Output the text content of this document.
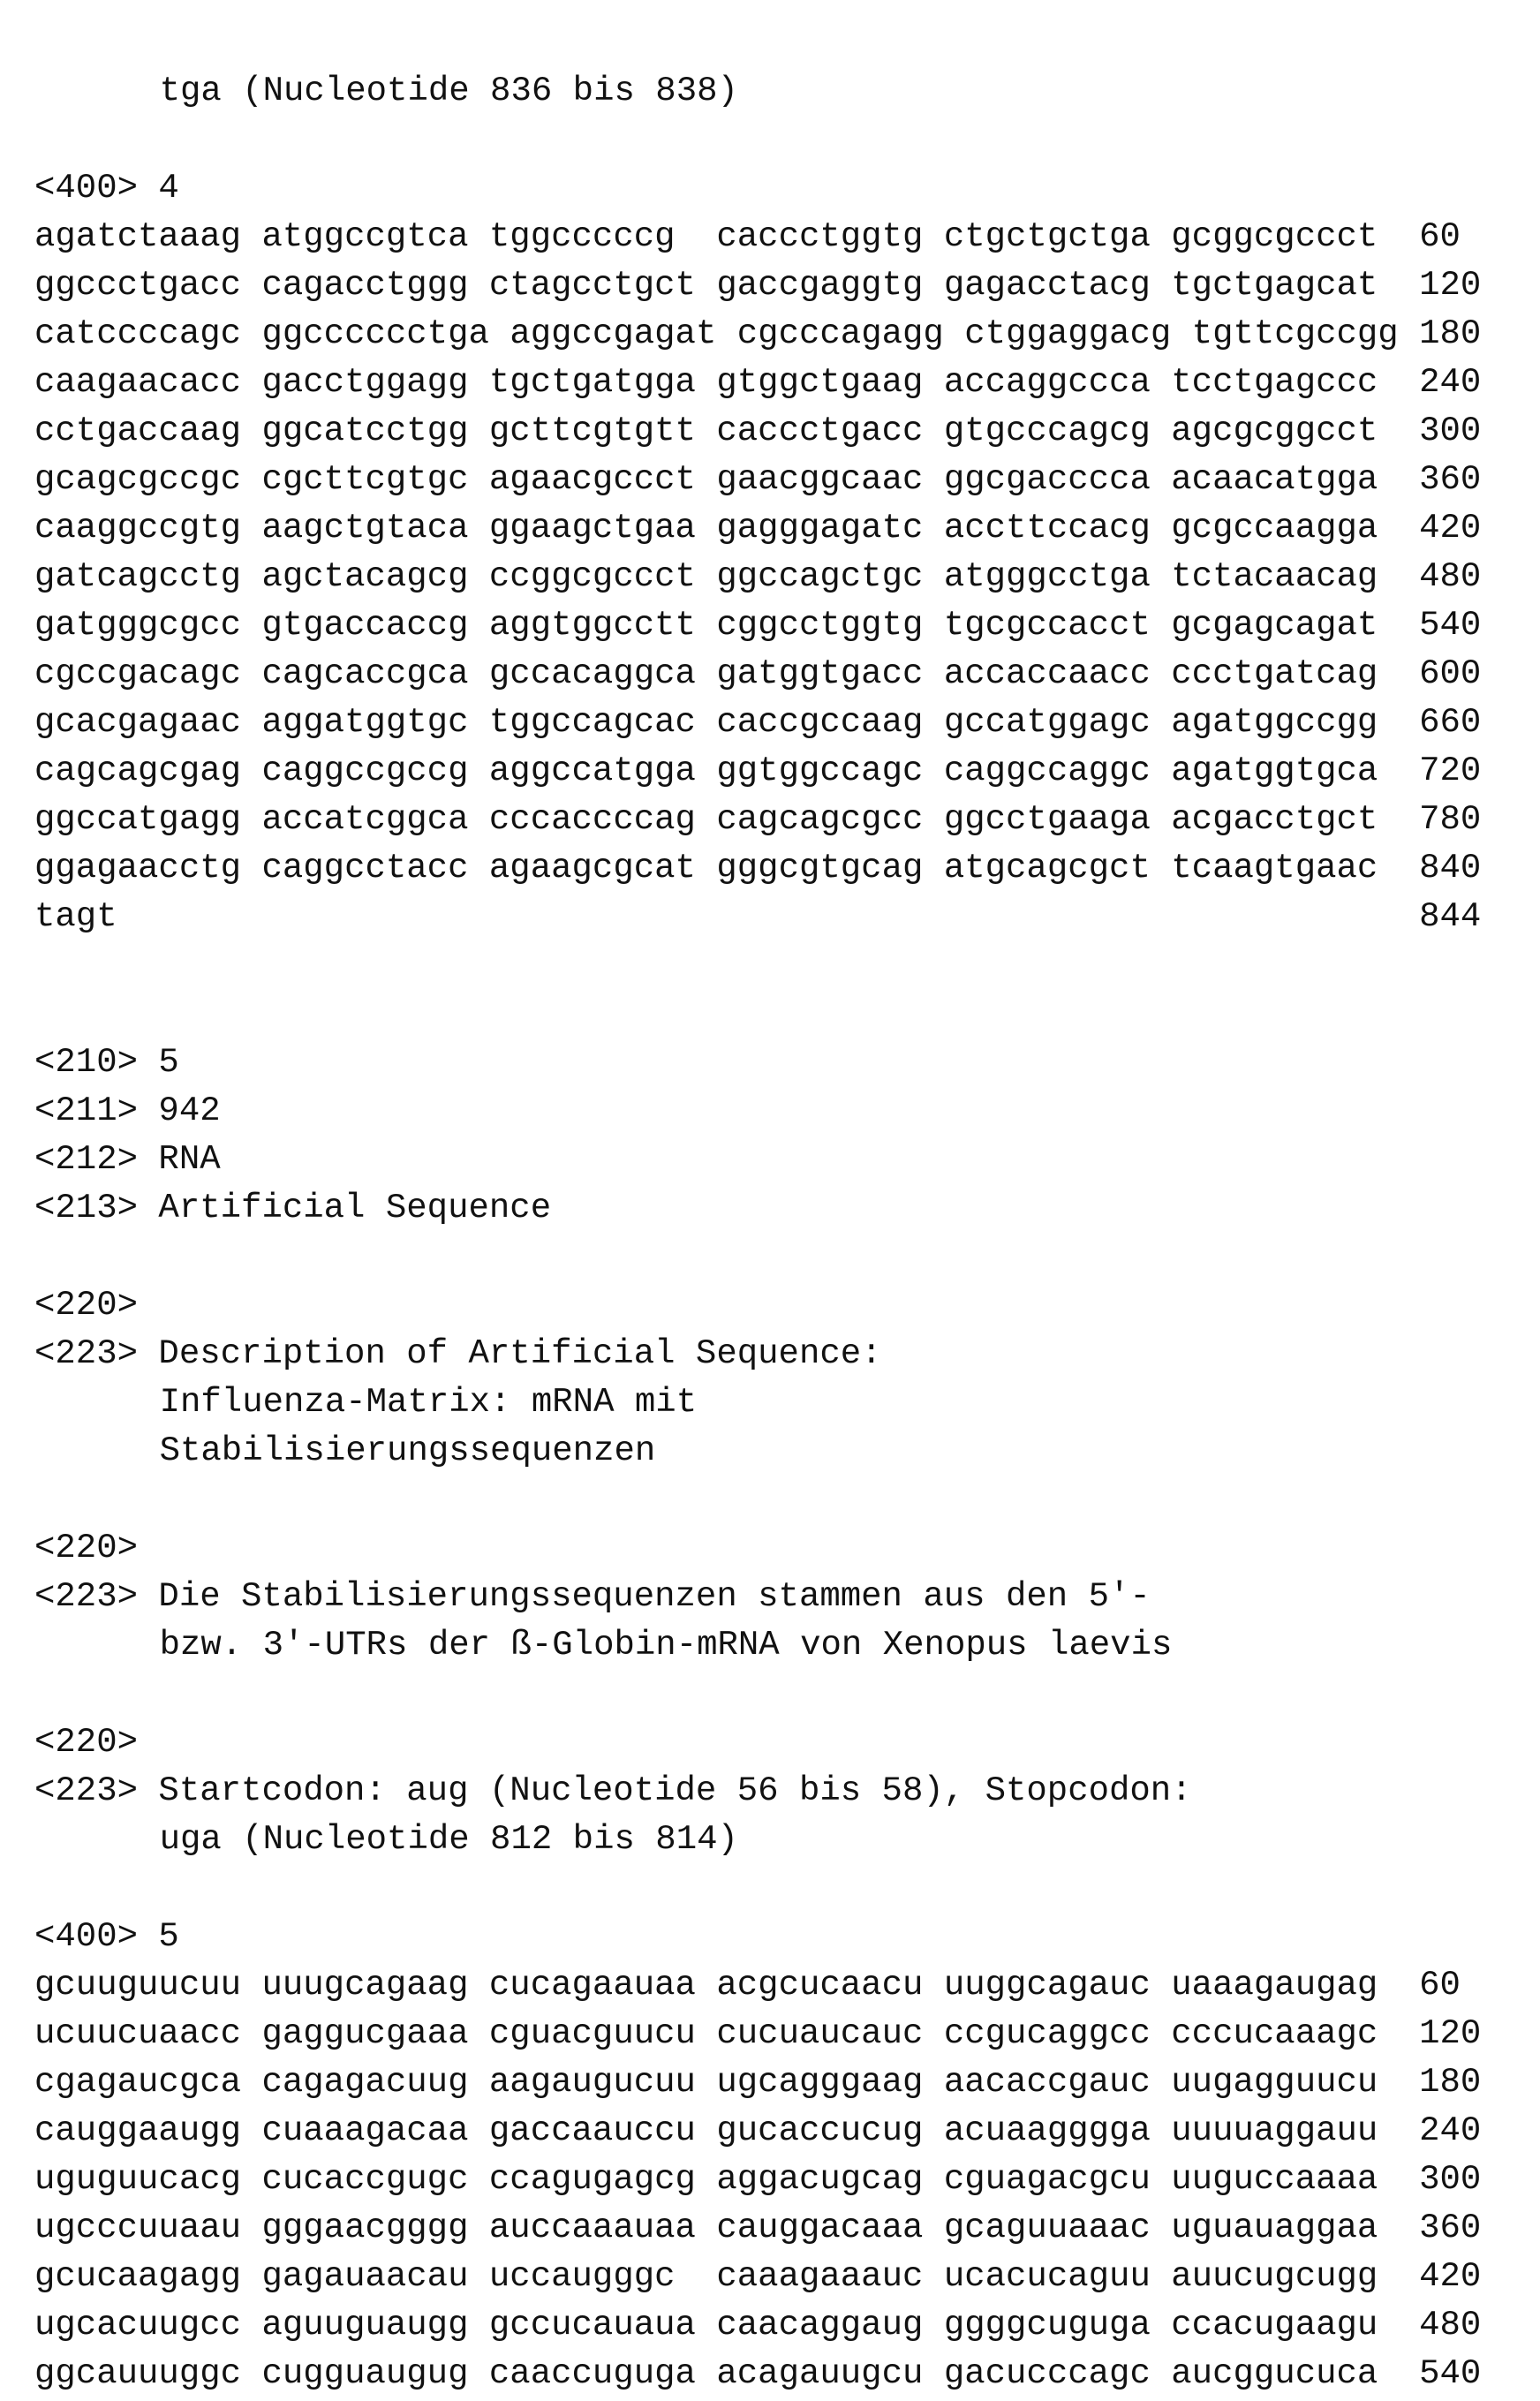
tga (Nucleotide 836 bis 838)
<400> 4
agatctaaag atggccgtca tggcccccg caccctggtg ctgctgctga gcggcgccct 60
ggccctgacc cagacctggg ctagcctgct gaccgaggtg gagacctacg tgctgagcat 120
catccccagc ggcccccctga aggccgagat cgcccagagg ctggaggacg tgttcgccgg 180
caagaacacc gacctggagg tgctgatgga gtggctgaag accaggccca tcctgagccc 240
cctgaccaag ggcatcctgg gcttcgtgtt caccctgacc gtgcccagcg agcgcggcct 300
gcagcgccgc cgcttcgtgc agaacgccct gaacggcaac ggcgacccca acaacatgga 360
caaggccgtg aagctgtaca ggaagctgaa gagggagatc accttccacg gcgccaagga 420
gatcagcctg agctacagcg ccggcgccct ggccagctgc atgggcctga tctacaacag 480
gatgggcgcc gtgaccaccg aggtggcctt cggcctggtg tgcgccacct gcgagcagat 540
cgccgacagc cagcaccgca gccacaggca gatggtgacc accaccaacc ccctgatcag 600
gcacgagaac aggatggtgc tggccagcac caccgccaag gccatggagc agatggccgg 660
cagcagcgag caggccgccg aggccatgga ggtggccagc caggccaggc agatggtgca 720
ggccatgagg accatcggca cccaccccag cagcagcgcc ggcctgaaga acgacctgct 780
ggagaacctg caggcctacc agaagcgcat gggcgtgcag atgcagcgct tcaagtgaac 840
tagt	844
<210> 5
<211> 942
<212> RNA
<213> Artificial Sequence
<220>
<223> Description of Artificial Sequence:
Influenza-Matrix: mRNA mit
Stabilisierungssequenzen
<220>
<223> Die Stabilisierungssequenzen stammen aus den 5'-
bzw. 3'-UTRs der ß-Globin-mRNA von Xenopus laevis
<220>
<223> Startcodon: aug (Nucleotide 56 bis 58), Stopcodon:
uga (Nucleotide 812 bis 814)
<400> 5
gcuuguucuu uuugcagaag cucagaauaa acgcucaacu uuggcagauc uaaagaugag 60
ucuucuaacc gaggucgaaa cguacguucu cucuaucauc ccgucaggcc cccucaaagc 120
cgagaucgca cagagacuug aagaugucuu ugcagggaag aacaccgauc uugagguucu 180
cauggaaugg cuaaagacaa gaccaauccu gucaccucug acuaagggga uuuuaggauu 240
uguguucacg cucaccgugc ccagugagcg aggacugcag cguagacgcu uuguccaaaa 300
ugcccuuaau gggaacgggg auccaaauaa cauggacaaa gcaguuaaac uguauaggaa 360
gcucaagagg gagauaacau uccaugggc caaagaaauc ucacucaguu auucugcugg 420
ugcacuugcc aguuguaugg gccucauaua caacaggaug ggggcuguga ccacugaagu 480
ggcauuuggc cugguaugug caaccuguga acagauugcu gacucccagc aucggucuca 540
